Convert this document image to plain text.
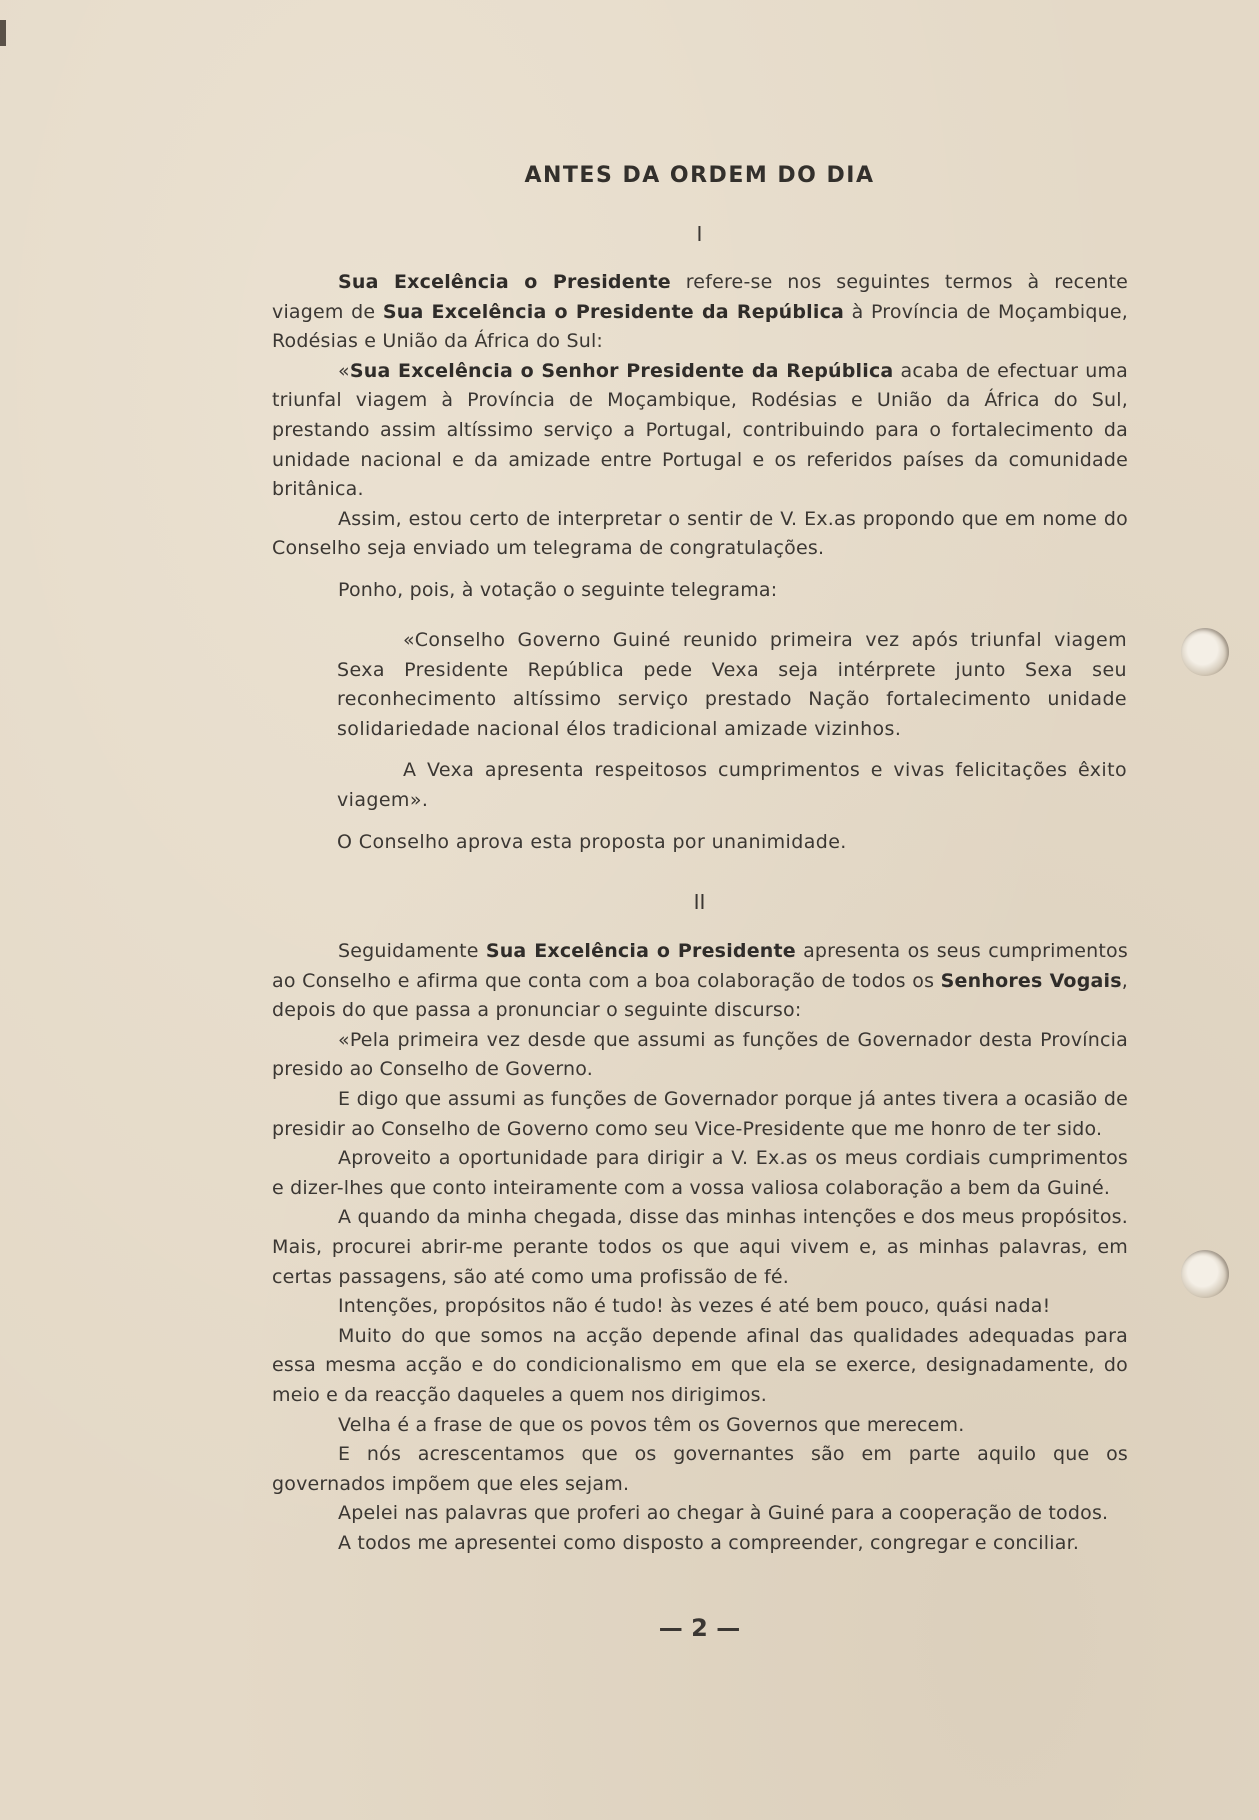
ANTES DA ORDEM DO DIA
I

Sua Excelência o Presidente refere-se nos seguintes termos à recente viagem de Sua Excelência o Presidente da República à Província de Moçambique, Rodésias e União da África do Sul:

«Sua Excelência o Senhor Presidente da República acaba de efectuar uma triunfal viagem à Província de Moçambique, Rodésias e União da África do Sul, prestando assim altíssimo serviço a Portugal, contribuindo para o fortalecimento da unidade nacional e da amizade entre Portugal e os referidos países da comunidade britânica.

Assim, estou certo de interpretar o sentir de V. Ex.as propondo que em nome do Conselho seja enviado um telegrama de congratulações.

Ponho, pois, à votação o seguinte telegrama:

«Conselho Governo Guiné reunido primeira vez após triunfal viagem Sexa Presidente República pede Vexa seja intérprete junto Sexa seu reconhecimento altíssimo serviço prestado Nação fortalecimento unidade solidariedade nacional élos tradicional amizade vizinhos.

A Vexa apresenta respeitosos cumprimentos e vivas felicitações êxito viagem».

O Conselho aprova esta proposta por unanimidade.

II

Seguidamente Sua Excelência o Presidente apresenta os seus cumprimentos ao Conselho e afirma que conta com a boa colaboração de todos os Senhores Vogais, depois do que passa a pronunciar o seguinte discurso:

«Pela primeira vez desde que assumi as funções de Governador desta Província presido ao Conselho de Governo.

E digo que assumi as funções de Governador porque já antes tivera a ocasião de presidir ao Conselho de Governo como seu Vice-Presidente que me honro de ter sido.

Aproveito a oportunidade para dirigir a V. Ex.as os meus cordiais cumprimentos e dizer-lhes que conto inteiramente com a vossa valiosa colaboração a bem da Guiné.

A quando da minha chegada, disse das minhas intenções e dos meus propósitos. Mais, procurei abrir-me perante todos os que aqui vivem e, as minhas palavras, em certas passagens, são até como uma profissão de fé.

Intenções, propósitos não é tudo! às vezes é até bem pouco, quási nada!

Muito do que somos na acção depende afinal das qualidades adequadas para essa mesma acção e do condicionalismo em que ela se exerce, designadamente, do meio e da reacção daqueles a quem nos dirigimos.

Velha é a frase de que os povos têm os Governos que merecem.

E nós acrescentamos que os governantes são em parte aquilo que os governados impõem que eles sejam.

Apelei nas palavras que proferi ao chegar à Guiné para a cooperação de todos.

A todos me apresentei como disposto a compreender, congregar e conciliar.

— 2 —
